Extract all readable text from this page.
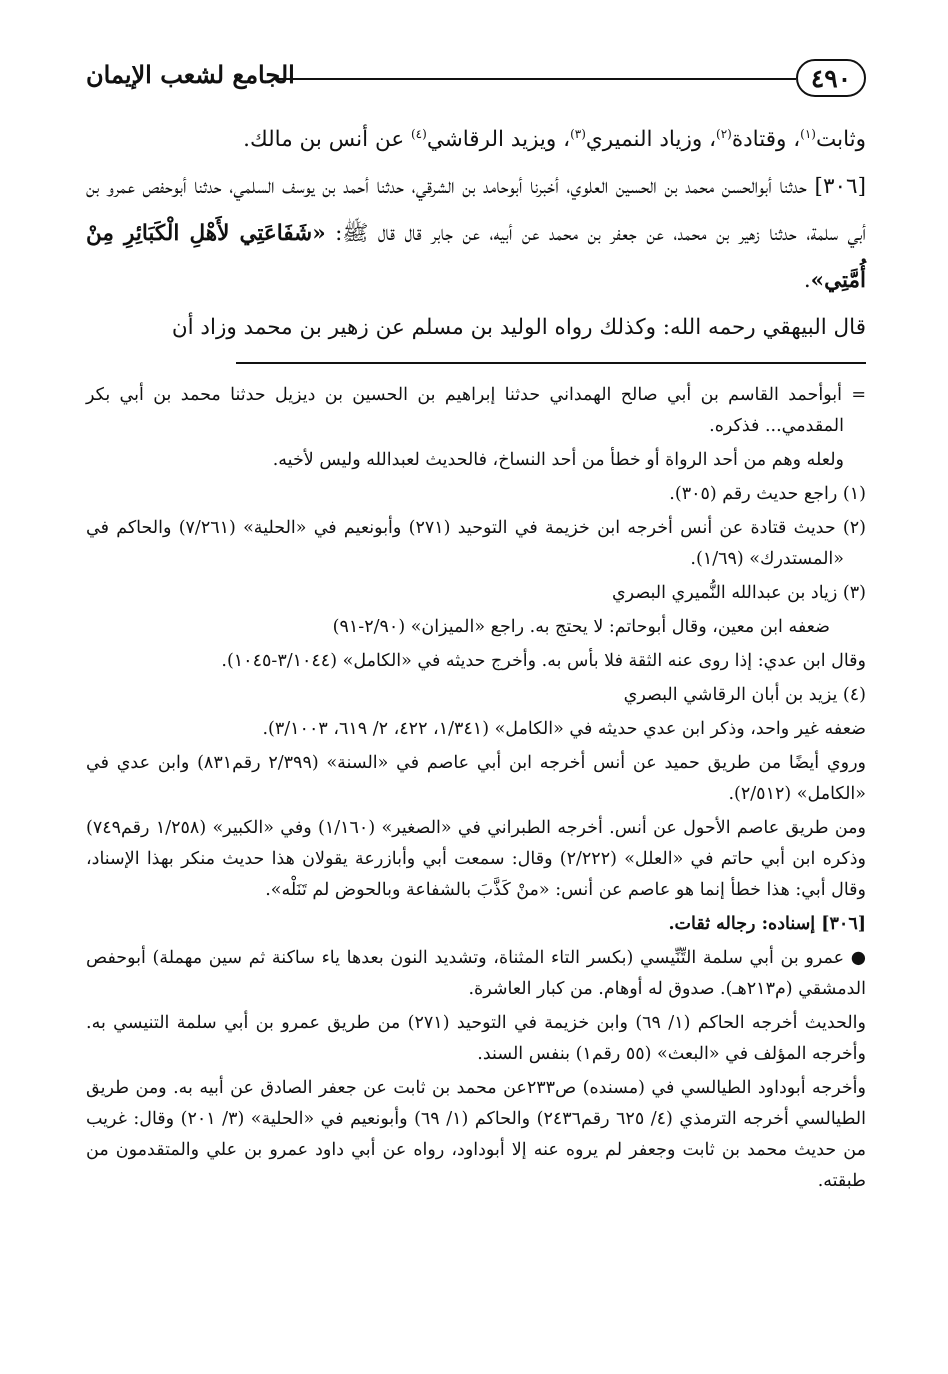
٤٩٠
الجامع لشعب الإيمان

وثابت$^{(١)}$، وقتادة$^{(٢)}$، وزياد النميري$^{(٣)}$، ويزيد الرقاشي$^{(٤)}$ عن أنس بن مالك.

[٣٠٦] حدثنا أبوالحسن محمد بن الحسين العلوي، أخبرنا أبوحامد بن الشرقي، حدثنا أحمد بن يوسف السلمي، حدثنا أبوحفص عمرو بن أبي سلمة، حدثنا زهير بن محمد، عن جعفر بن محمد عن أبيه، عن جابر قال قال ﷺ: «شَفَاعَتِي لأَهْلِ الْكَبَائِرِ مِنْ أُمَّتِي».

قال البيهقي رحمه الله: وكذلك رواه الوليد بن مسلم عن زهير بن محمد وزاد أن

= أبوأحمد القاسم بن أبي صالح الهمداني حدثنا إبراهيم بن الحسين بن ديزيل حدثنا محمد بن أبي بكر المقدمي... فذكره.

ولعله وهم من أحد الرواة أو خطأ من أحد النساخ، فالحديث لعبدالله وليس لأخيه.

(١) راجع حديث رقم (٣٠٥).

(٢) حديث قتادة عن أنس أخرجه ابن خزيمة في التوحيد (٢٧١) وأبونعيم في «الحلية» (٧/٢٦١) والحاكم في «المستدرك» (١/٦٩).

(٣) زياد بن عبدالله النُّميري البصري

ضعفه ابن معين، وقال أبوحاتم: لا يحتج به. راجع «الميزان» (٢/٩٠-٩١)

وقال ابن عدي: إذا روى عنه الثقة فلا بأس به. وأخرج حديثه في «الكامل» (٣/١٠٤٤-١٠٤٥).

(٤) يزيد بن أبان الرقاشي البصري

ضعفه غير واحد، وذكر ابن عدي حديثه في «الكامل» (١/٣٤١، ٤٢٢، ٢/ ٦١٩، ٣/١٠٠٣).

وروي أيضًا من طريق حميد عن أنس أخرجه ابن أبي عاصم في «السنة» (٢/٣٩٩ رقم٨٣١) وابن عدي في «الكامل» (٢/٥١٢).

ومن طريق عاصم الأحول عن أنس. أخرجه الطبراني في «الصغير» (١/١٦٠) وفي «الكبير» (١/٢٥٨ رقم٧٤٩) وذكره ابن أبي حاتم في «العلل» (٢/٢٢٢) وقال: سمعت أبي وأبازرعة يقولان هذا حديث منكر بهذا الإسناد، وقال أبي: هذا خطأ إنما هو عاصم عن أنس: «منْ كَذَّبَ بالشفاعة وبالحوض لم تَنَلْه».

[٣٠٦] إسناده: رجاله ثقات.

● عمرو بن أبي سلمة التِّنِّيسي (بكسر التاء المثناة، وتشديد النون بعدها ياء ساكنة ثم سين مهملة) أبوحفص الدمشقي (م٢١٣هـ). صدوق له أوهام. من كبار العاشرة.

والحديث أخرجه الحاكم (١/ ٦٩) وابن خزيمة في التوحيد (٢٧١) من طريق عمرو بن أبي سلمة التنيسي به. وأخرجه المؤلف في «البعث» (٥٥ رقم١) بنفس السند.

وأخرجه أبوداود الطيالسي في (مسنده) ص٢٣٣عن محمد بن ثابت عن جعفر الصادق عن أبيه به. ومن طريق الطيالسي أخرجه الترمذي (٤/ ٦٢٥ رقم٢٤٣٦) والحاكم (١/ ٦٩) وأبونعيم في «الحلية» (٣/ ٢٠١) وقال: غريب من حديث محمد بن ثابت وجعفر لم يروه عنه إلا أبوداود، رواه عن أبي داود عمرو بن علي والمتقدمون من طبقته.
